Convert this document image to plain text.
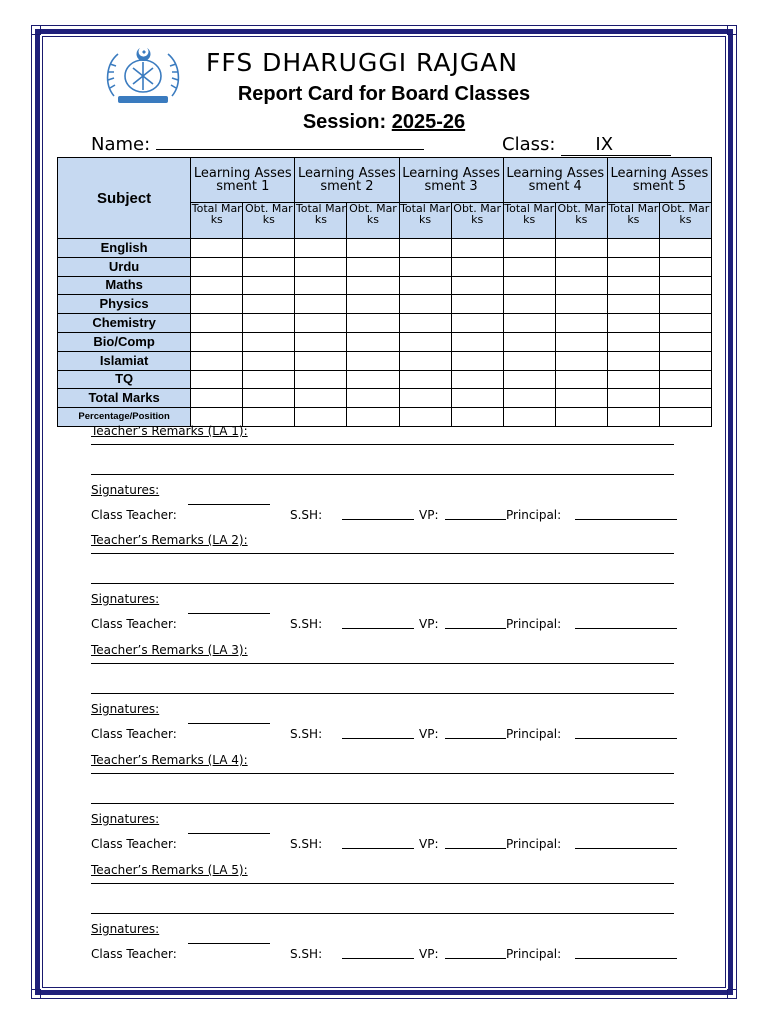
FFS DHARUGGI RAJGAN
Report Card for Board Classes
Session: 2025-26
Name:	Class: IX
Subject	Learning Assessment 1		Learning Assessment 2		Learning Assessment 3		Learning Assessment 4		Learning Assessment 5	
	Total Marks	Obt. Marks	Total Marks	Obt. Marks	Total Marks	Obt. Marks	Total Marks	Obt. Marks	Total Marks	Obt. Marks
English										
Urdu										
Maths										
Physics										
Chemistry										
Bio/Comp										
Islamiat										
TQ										
Total Marks										
Percentage/Position										
Teacher’s Remarks (LA 1):
Signatures:
Class Teacher:	S.SH:	VP:	Principal:
Teacher’s Remarks (LA 2):
Signatures:
Class Teacher:	S.SH:	VP:	Principal:
Teacher’s Remarks (LA 3):
Signatures:
Class Teacher:	S.SH:	VP:	Principal:
Teacher’s Remarks (LA 4):
Signatures:
Class Teacher:	S.SH:	VP:	Principal:
Teacher’s Remarks (LA 5):
Signatures:
Class Teacher:	S.SH:	VP:	Principal:
